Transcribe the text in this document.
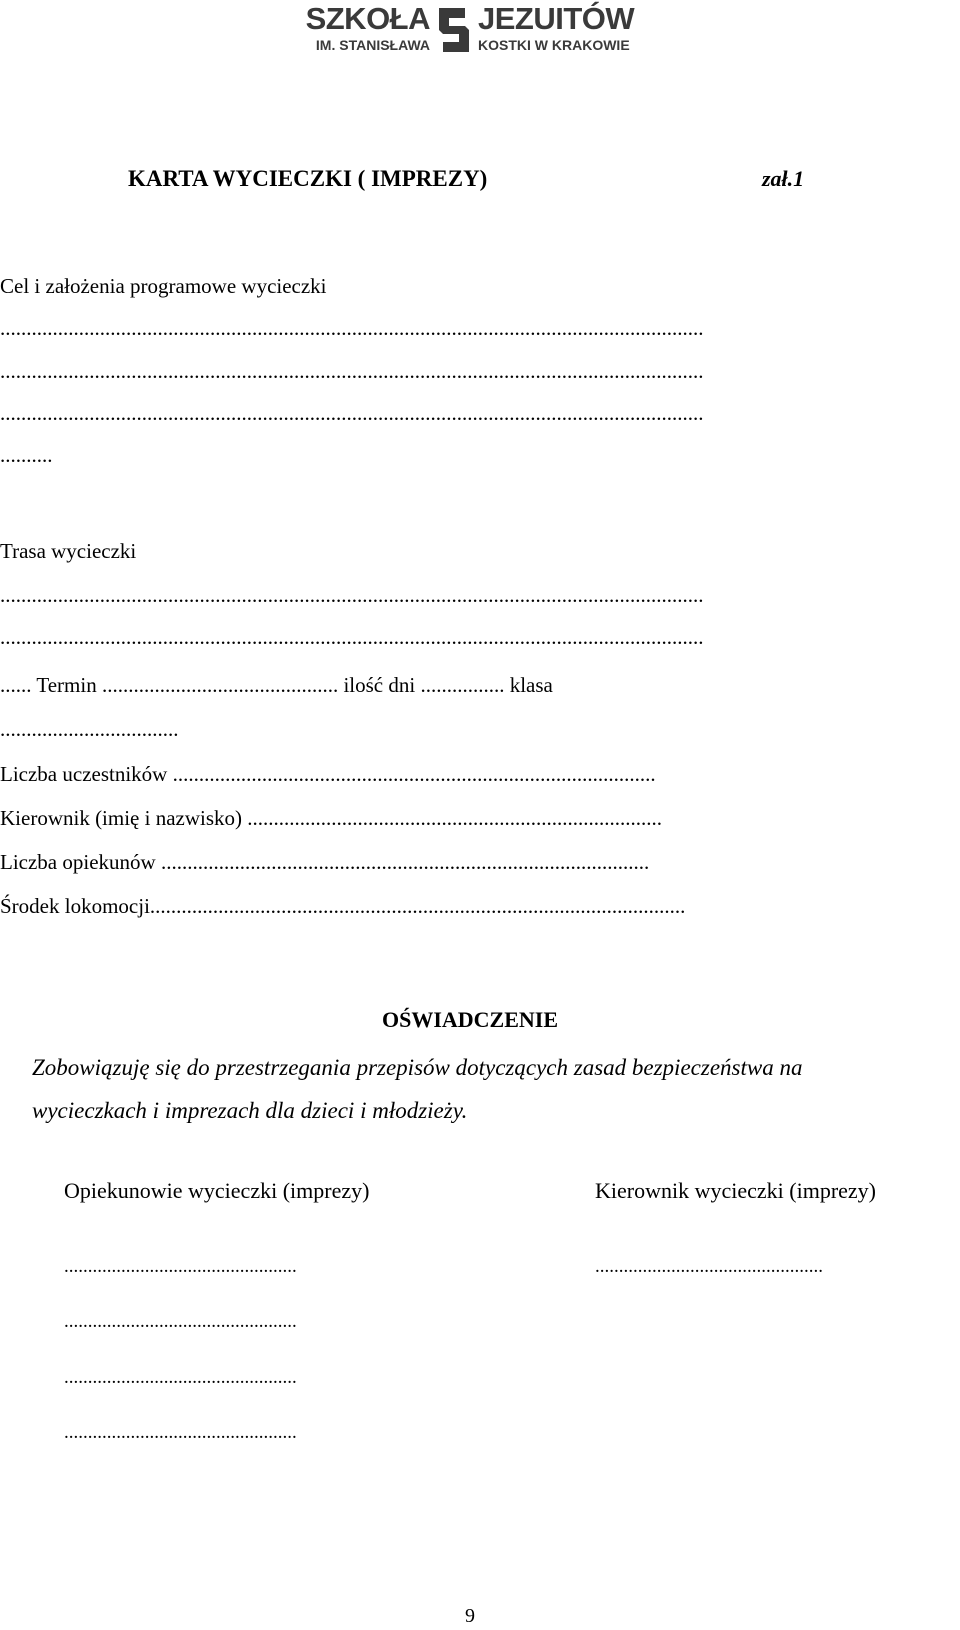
SZKOŁA
IM. STANISŁAWA
JEZUITÓW
KOSTKI W KRAKOWIE
KARTA WYCIECZKI ( IMPREZY)	zał.1
Cel i założenia programowe wycieczki
......................................................................................................................................
......................................................................................................................................
......................................................................................................................................
..........
Trasa wycieczki
......................................................................................................................................
......................................................................................................................................
...... Termin ............................................. ilość dni ................ klasa
..................................
Liczba uczestników ............................................................................................
Kierownik (imię i nazwisko) ...............................................................................
Liczba opiekunów .............................................................................................
Środek lokomocji......................................................................................................
OŚWIADCZENIE
Zobowiązuję się do przestrzegania przepisów dotyczących zasad bezpieczeństwa na
wycieczkach i imprezach dla dzieci i młodzieży.
Opiekunowie wycieczki (imprezy)	Kierownik wycieczki (imprezy)
.................................................	................................................
.................................................
.................................................
.................................................
9
